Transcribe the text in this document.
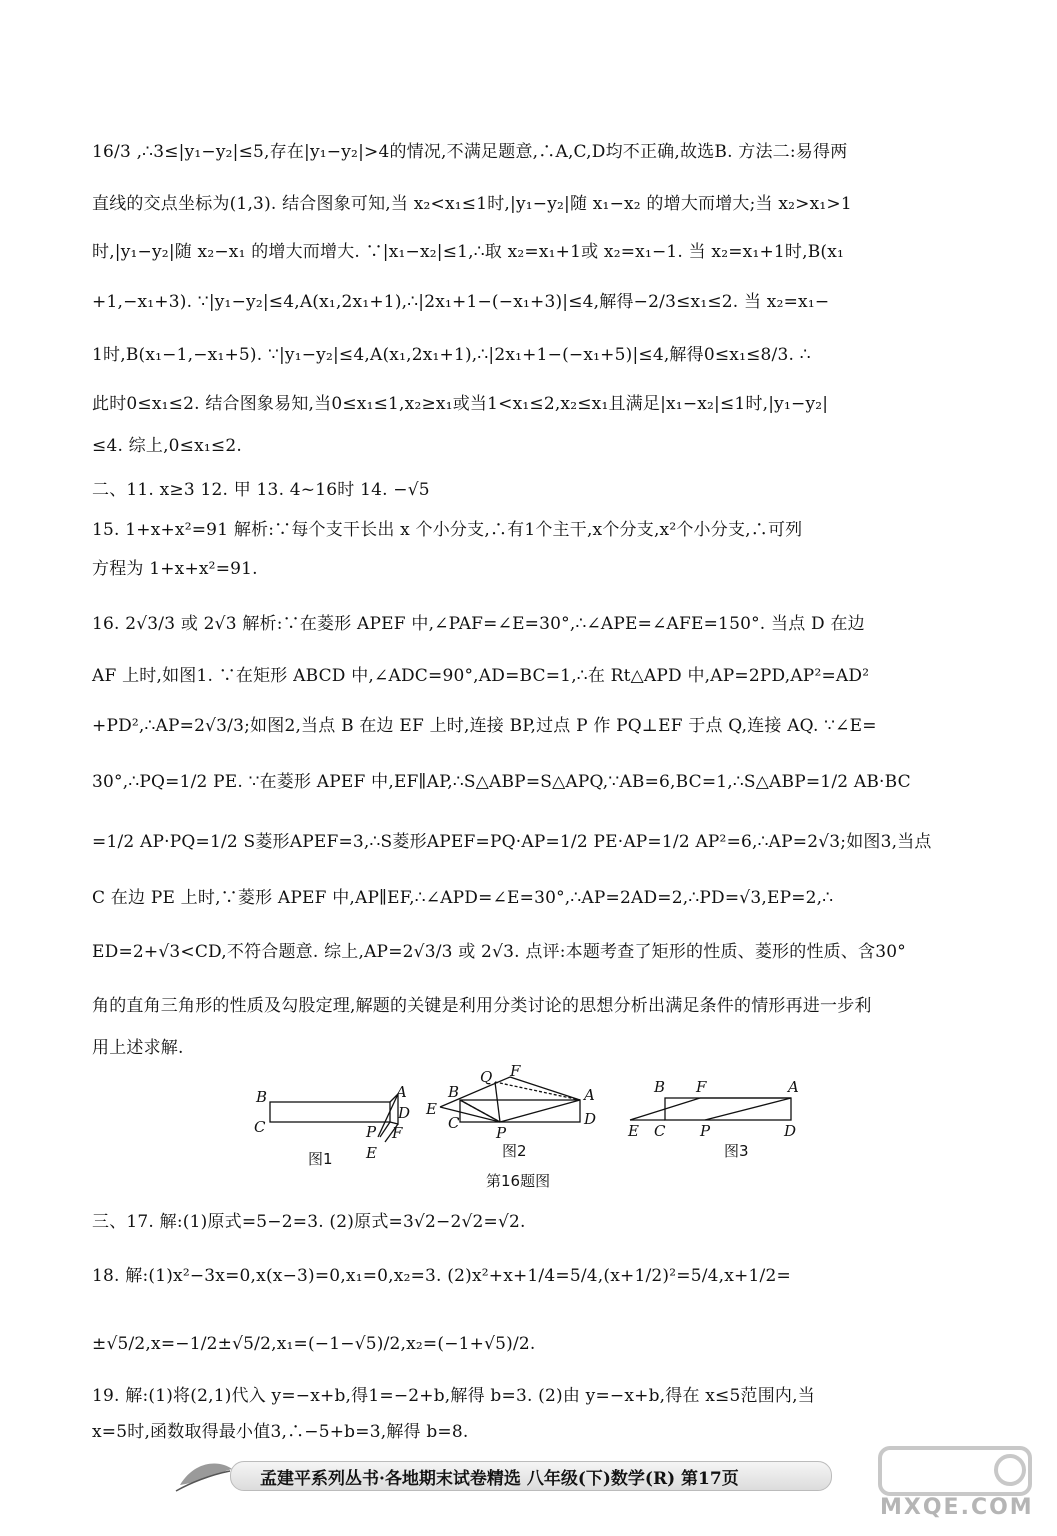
16/3 ,∴3≤|y₁−y₂|≤5,存在|y₁−y₂|>4的情况,不满足题意,∴A,C,D均不正确,故选B. 方法二:易得两
直线的交点坐标为(1,3). 结合图象可知,当 x₂<x₁≤1时,|y₁−y₂|随 x₁−x₂ 的增大而增大;当 x₂>x₁>1
时,|y₁−y₂|随 x₂−x₁ 的增大而增大. ∵|x₁−x₂|≤1,∴取 x₂=x₁+1或 x₂=x₁−1. 当 x₂=x₁+1时,B(x₁
+1,−x₁+3). ∵|y₁−y₂|≤4,A(x₁,2x₁+1),∴|2x₁+1−(−x₁+3)|≤4,解得−2/3≤x₁≤2. 当 x₂=x₁−
1时,B(x₁−1,−x₁+5). ∵|y₁−y₂|≤4,A(x₁,2x₁+1),∴|2x₁+1−(−x₁+5)|≤4,解得0≤x₁≤8/3. ∴
此时0≤x₁≤2. 结合图象易知,当0≤x₁≤1,x₂≥x₁或当1<x₁≤2,x₂≤x₁且满足|x₁−x₂|≤1时,|y₁−y₂|
≤4. 综上,0≤x₁≤2.
二、11. x≥3 12. 甲 13. 4~16时 14. −√5
15. 1+x+x²=91 解析:∵每个支干长出 x 个小分支,∴有1个主干,x个分支,x²个小分支,∴可列
方程为 1+x+x²=91.
16. 2√3/3 或 2√3 解析:∵在菱形 APEF 中,∠PAF=∠E=30°,∴∠APE=∠AFE=150°. 当点 D 在边
AF 上时,如图1. ∵在矩形 ABCD 中,∠ADC=90°,AD=BC=1,∴在 Rt△APD 中,AP=2PD,AP²=AD²
+PD²,∴AP=2√3/3;如图2,当点 B 在边 EF 上时,连接 BP,过点 P 作 PQ⊥EF 于点 Q,连接 AQ. ∵∠E=
30°,∴PQ=1/2 PE. ∵在菱形 APEF 中,EF∥AP,∴S△ABP=S△APQ,∵AB=6,BC=1,∴S△ABP=1/2 AB·BC
=1/2 AP·PQ=1/2 S菱形APEF=3,∴S菱形APEF=PQ·AP=1/2 PE·AP=1/2 AP²=6,∴AP=2√3;如图3,当点
C 在边 PE 上时,∵菱形 APEF 中,AP∥EF,∴∠APD=∠E=30°,∴AP=2AD=2,∴PD=√3,EP=2,∴
ED=2+√3<CD,不符合题意. 综上,AP=2√3/3 或 2√3. 点评:本题考查了矩形的性质、菱形的性质、含30°
角的直角三角形的性质及勾股定理,解题的关键是利用分类讨论的思想分析出满足条件的情形再进一步利
用上述求解.
B	A
C
D
P F
E
图1
Q F
B	A
E
C
P
D
图2
B F	A
E C P	D
图3
第16题图
三、17. 解:(1)原式=5−2=3. (2)原式=3√2−2√2=√2.
18. 解:(1)x²−3x=0,x(x−3)=0,x₁=0,x₂=3. (2)x²+x+1/4=5/4,(x+1/2)²=5/4,x+1/2=
±√5/2,x=−1/2±√5/2,x₁=(−1−√5)/2,x₂=(−1+√5)/2.
19. 解:(1)将(2,1)代入 y=−x+b,得1=−2+b,解得 b=3. (2)由 y=−x+b,得在 x≤5范围内,当
x=5时,函数取得最小值3,∴−5+b=3,解得 b=8.
孟建平系列丛书·各地期末试卷精选 八年级(下)数学(R) 第17页
MXQE.COM
